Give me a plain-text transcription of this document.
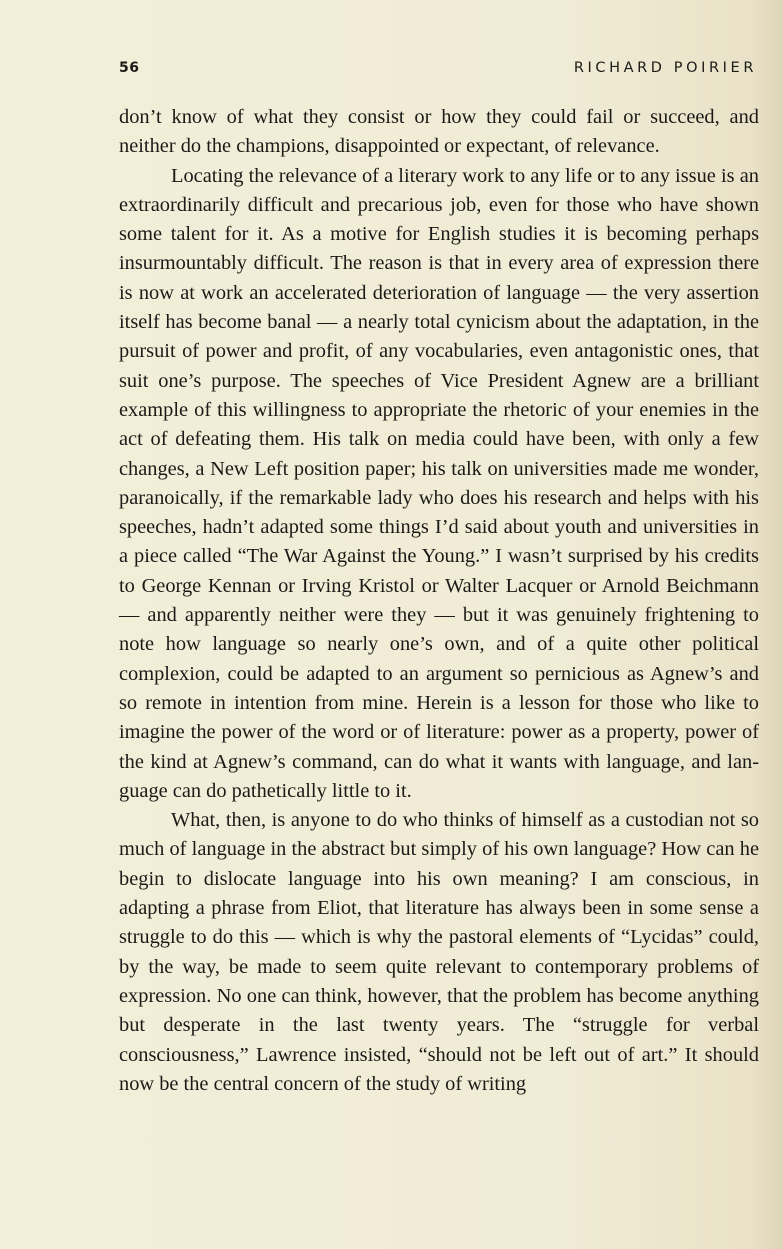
56	RICHARD POIRIER

don’t know of what they consist or how they could fail or succeed, and neither do the champions, disappointed or expectant, of relevance.

Locating the relevance of a literary work to any life or to any issue is an extraordinarily difficult and precarious job, even for those who have shown some talent for it. As a motive for English studies it is becoming perhaps insurmountably difficult. The reason is that in every area of expression there is now at work an accelerated deterioration of language — the very assertion itself has become banal — a nearly total cynicism about the adaptation, in the pursuit of power and profit, of any vocabularies, even antagonistic ones, that suit one’s purpose. The speeches of Vice President Agnew are a brilliant example of this willingness to appropriate the rhetoric of your enemies in the act of defeating them. His talk on media could have been, with only a few changes, a New Left position paper; his talk on universities made me wonder, paranoically, if the remarkable lady who does his research and helps with his speeches, hadn’t adapted some things I’d said about youth and universities in a piece called “The War Against the Young.” I wasn’t surprised by his credits to George Kennan or Irving Kristol or Walter Lacquer or Arnold Beichmann — and apparently neither were they — but it was genuinely frightening to note how language so nearly one’s own, and of a quite other political complexion, could be adapted to an argument so pernicious as Agnew’s and so remote in intention from mine. Herein is a lesson for those who like to imagine the power of the word or of literature: power as a property, power of the kind at Agnew’s command, can do what it wants with language, and language can do pathetically little to it.

What, then, is anyone to do who thinks of himself as a custodian not so much of language in the abstract but simply of his own language? How can he begin to dislocate language into his own meaning? I am conscious, in adapting a phrase from Eliot, that literature has always been in some sense a struggle to do this — which is why the pastoral elements of “Lycidas” could, by the way, be made to seem quite relevant to contemporary problems of expression. No one can think, however, that the problem has become anything but desperate in the last twenty years. The “struggle for verbal consciousness,” Lawrence insisted, “should not be left out of art.” It should now be the central concern of the study of writing
